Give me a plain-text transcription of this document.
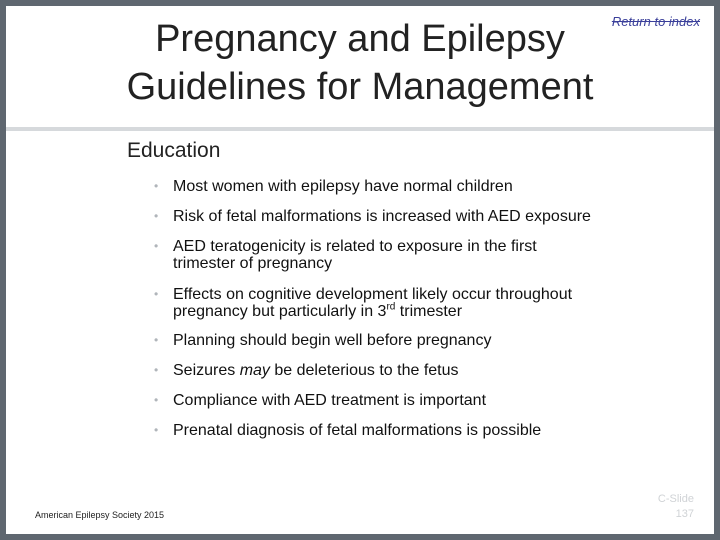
Pregnancy and Epilepsy
Guidelines for Management
Return to index
Education
• Most women with epilepsy have normal children
• Risk of fetal malformations is increased with AED exposure
• AED teratogenicity is related to exposure in the first trimester of pregnancy
• Effects on cognitive development likely occur throughout pregnancy but particularly in 3rd trimester
• Planning should begin well before pregnancy
• Seizures may be deleterious to the fetus
• Compliance with AED treatment is important
• Prenatal diagnosis of fetal malformations is possible
American Epilepsy Society 2015
C-Slide
137
